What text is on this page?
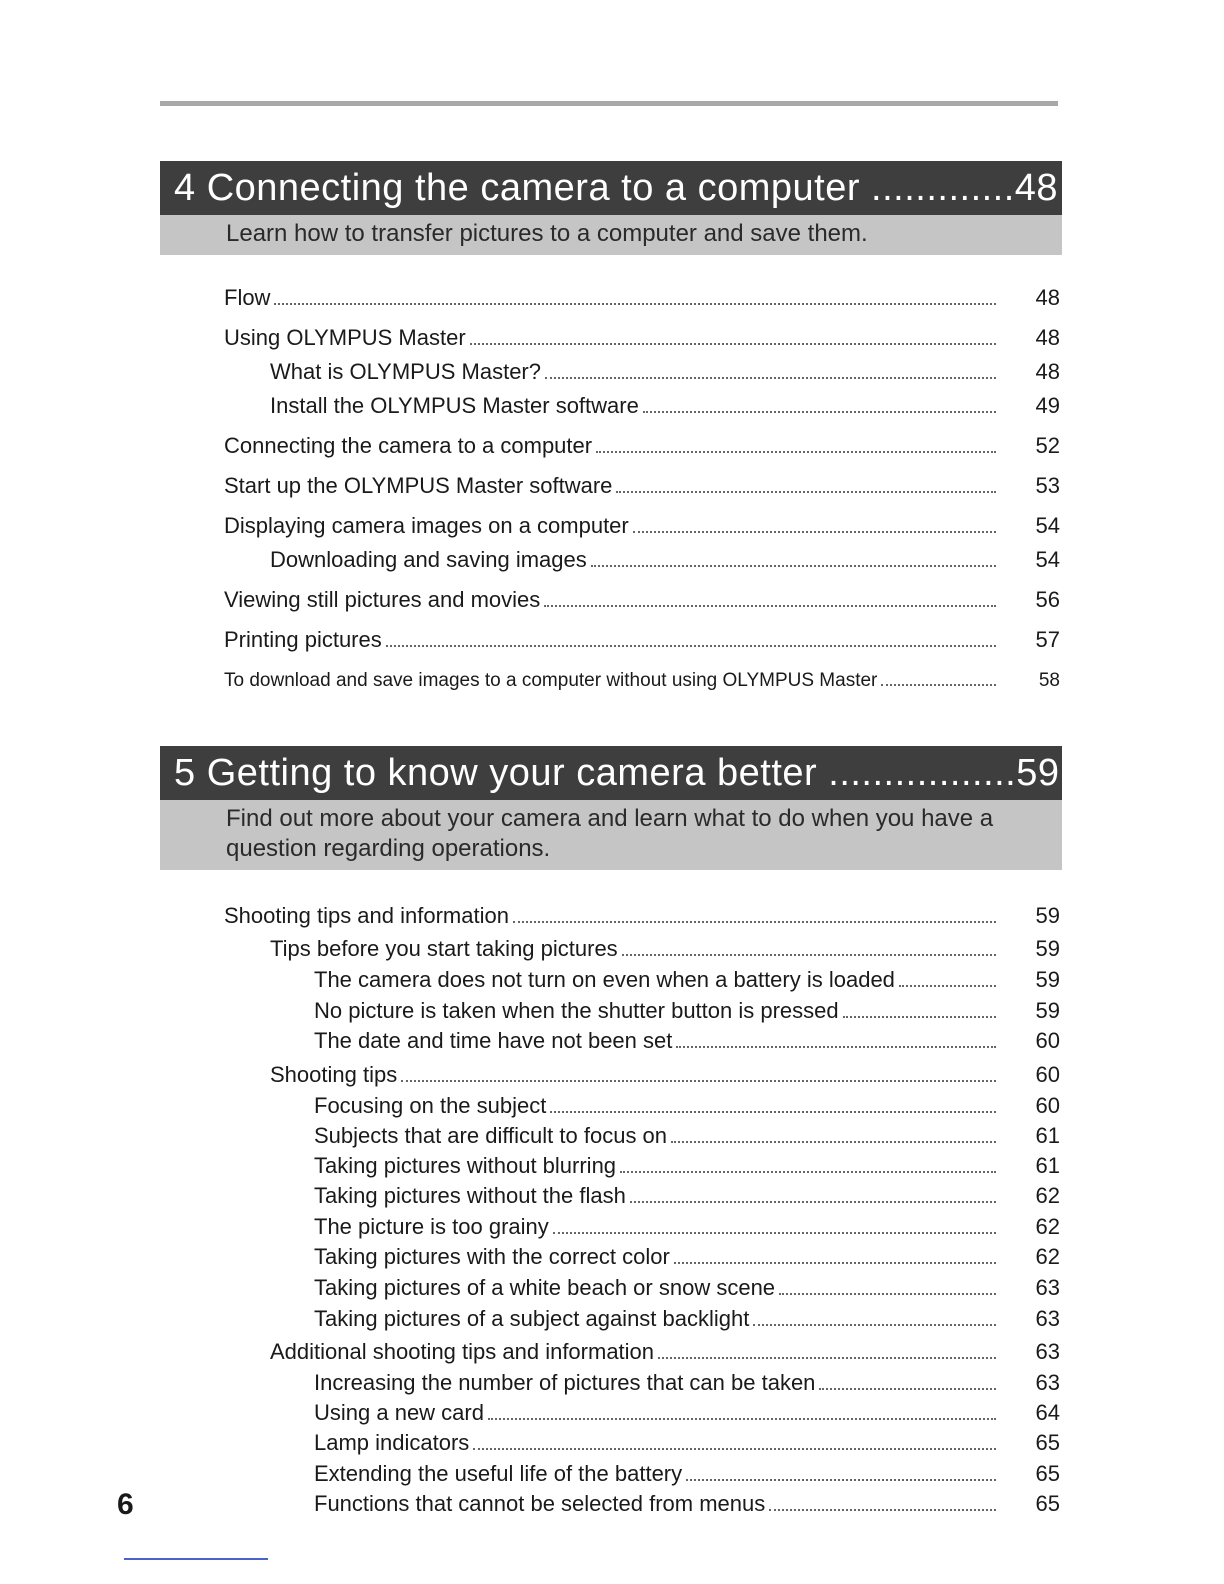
4 Connecting the camera to a computer .............48
Learn how to transfer pictures to a computer and save them.
Flow	48
Using OLYMPUS Master	48
What is OLYMPUS Master?	48
Install the OLYMPUS Master software	49
Connecting the camera to a computer	52
Start up the OLYMPUS Master software	53
Displaying camera images on a computer	54
Downloading and saving images	54
Viewing still pictures and movies	56
Printing pictures	57
To download and save images to a computer without using OLYMPUS Master	58
5 Getting to know your camera better .................59
Find out more about your camera and learn what to do when you have a question regarding operations.
Shooting tips and information	59
Tips before you start taking pictures	59
The camera does not turn on even when a battery is loaded	59
No picture is taken when the shutter button is pressed	59
The date and time have not been set	60
Shooting tips	60
Focusing on the subject	60
Subjects that are difficult to focus on	61
Taking pictures without blurring	61
Taking pictures without the flash	62
The picture is too grainy	62
Taking pictures with the correct color	62
Taking pictures of a white beach or snow scene	63
Taking pictures of a subject against backlight	63
Additional shooting tips and information	63
Increasing the number of pictures that can be taken	63
Using a new card	64
Lamp indicators	65
Extending the useful life of the battery	65
Functions that cannot be selected from menus	65
6
